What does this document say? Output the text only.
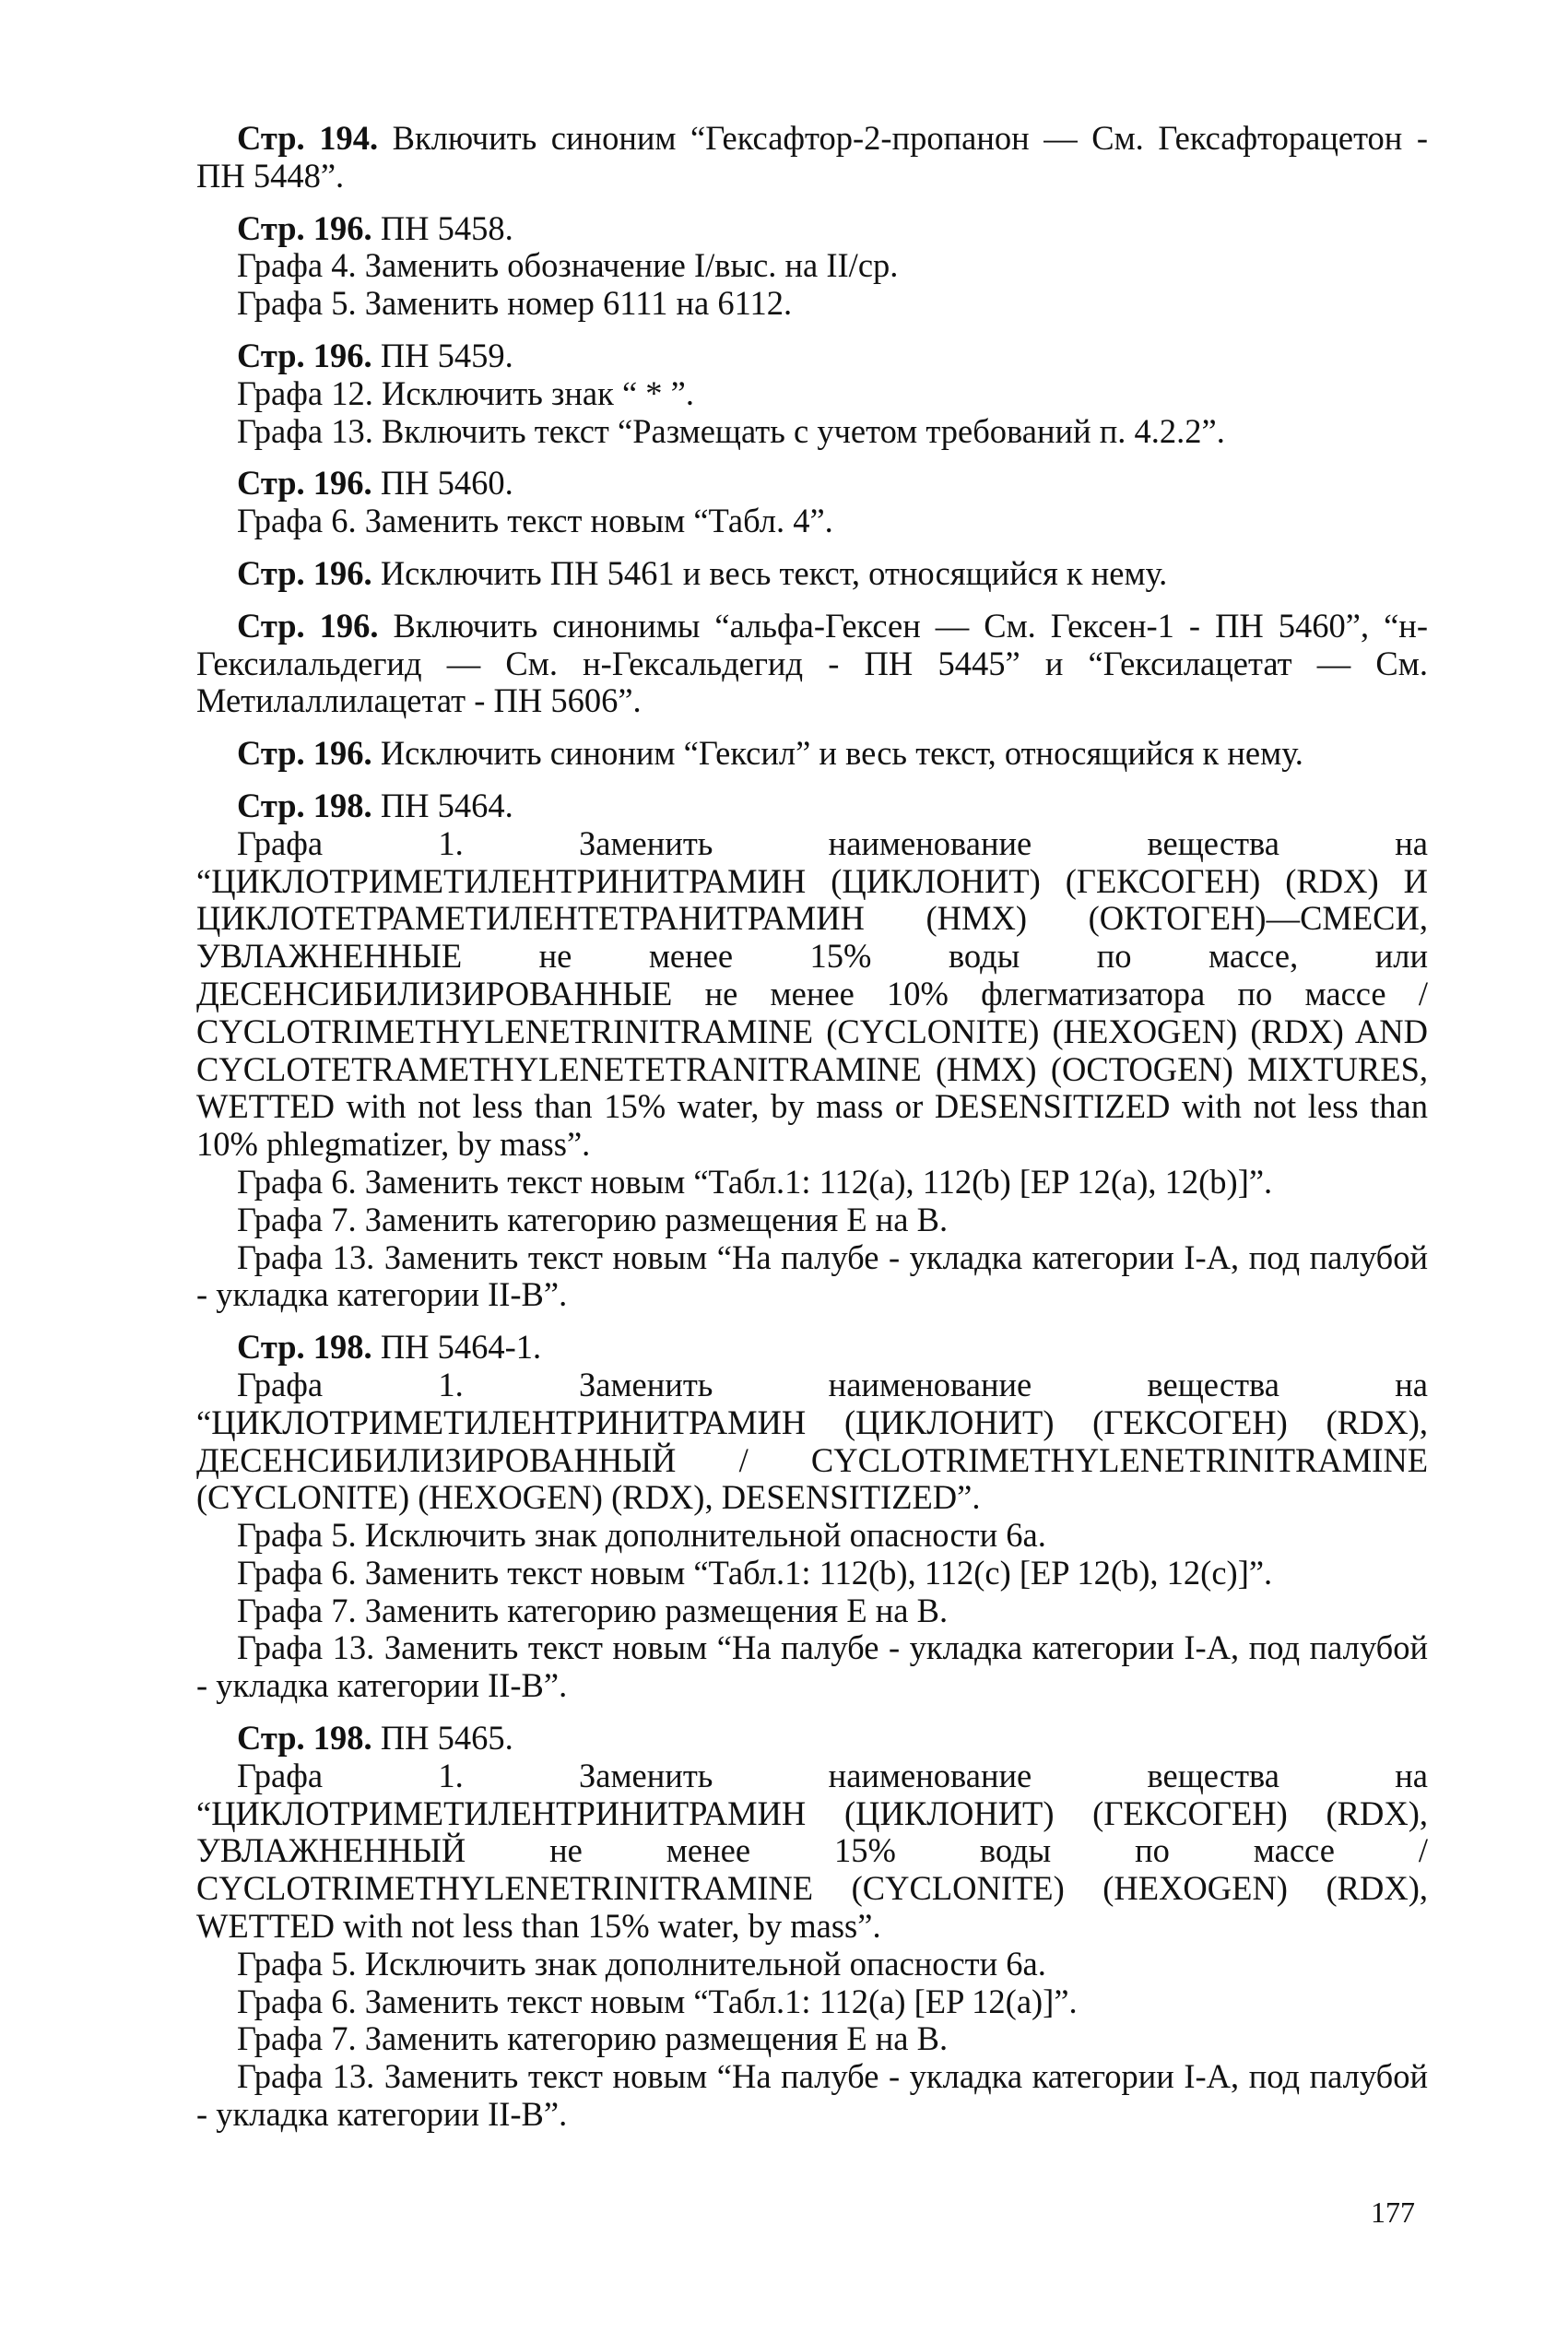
Стр. 194. Включить синоним “Гексафтор-2-пропанон — См. Гексафторацетон - ПН 5448”.

Стр. 196. ПН 5458.

Графа 4. Заменить обозначение I/выс. на II/ср.

Графа 5. Заменить номер 6111 на 6112.

Стр. 196. ПН 5459.

Графа 12. Исключить знак “ * ”.

Графа 13. Включить текст “Размещать с учетом требований п. 4.2.2”.

Стр. 196. ПН 5460.

Графа 6. Заменить текст новым “Табл. 4”.

Стр. 196. Исключить ПН 5461 и весь текст, относящийся к нему.

Стр. 196. Включить синонимы “альфа-Гексен — См. Гексен-1 - ПН 5460”, “н-Гексилальдегид — См. н-Гексальдегид - ПН 5445” и “Гексилацетат — См. Метилаллилацетат - ПН 5606”.

Стр. 196. Исключить синоним “Гексил” и весь текст, относящийся к нему.

Стр. 198. ПН 5464.

Графа 1. Заменить наименование вещества на “ЦИКЛОТРИМЕТИЛЕНТРИНИТРАМИН (ЦИКЛОНИТ) (ГЕКСОГЕН) (RDX) И ЦИКЛОТЕТРАМЕТИЛЕНТЕТРАНИТРАМИН (HMX) (ОКТОГЕН)—СМЕСИ, УВЛАЖНЕННЫЕ не менее 15% воды по массе, или ДЕСЕНСИБИЛИЗИРОВАННЫЕ не менее 10% флегматизатора по массе / CYCLOTRIMETHYLENETRINITRAMINE (CYCLONITE) (HEXOGEN) (RDX) AND CYCLOTETRAMETHYLENETETRANITRAMINE (HMX) (OCTOGEN) MIXTURES, WETTED with not less than 15% water, by mass or DESENSITIZED with not less than 10% phlegmatizer, by mass”.

Графа 6. Заменить текст новым “Табл.1: 112(a), 112(b) [EP 12(a), 12(b)]”.

Графа 7. Заменить категорию размещения Е на В.

Графа 13. Заменить текст новым “На палубе - укладка категории I-A, под палубой - укладка категории II-B”.

Стр. 198. ПН 5464-1.

Графа 1. Заменить наименование вещества на “ЦИКЛОТРИМЕТИЛЕНТРИНИТРАМИН (ЦИКЛОНИТ) (ГЕКСОГЕН) (RDX), ДЕСЕНСИБИЛИЗИРОВАННЫЙ / CYCLOTRIMETHYLENETRINITRAMINE (CYCLONITE) (HEXOGEN) (RDX), DESENSITIZED”.

Графа 5. Исключить знак дополнительной опасности 6а.

Графа 6. Заменить текст новым “Табл.1: 112(b), 112(c) [EP 12(b), 12(c)]”.

Графа 7. Заменить категорию размещения Е на В.

Графа 13. Заменить текст новым “На палубе - укладка категории I-A, под палубой - укладка категории II-B”.

Стр. 198. ПН 5465.

Графа 1. Заменить наименование вещества на “ЦИКЛОТРИМЕТИЛЕНТРИНИТРАМИН (ЦИКЛОНИТ) (ГЕКСОГЕН) (RDX), УВЛАЖНЕННЫЙ не менее 15% воды по массе / CYCLOTRIMETHYLENETRINITRAMINE (CYCLONITE) (HEXOGEN) (RDX), WETTED with not less than 15% water, by mass”.

Графа 5. Исключить знак дополнительной опасности 6а.

Графа 6. Заменить текст новым “Табл.1: 112(a) [EP 12(a)]”.

Графа 7. Заменить категорию размещения Е на В.

Графа 13. Заменить текст новым “На палубе - укладка категории I-A, под палубой - укладка категории II-B”.

177
